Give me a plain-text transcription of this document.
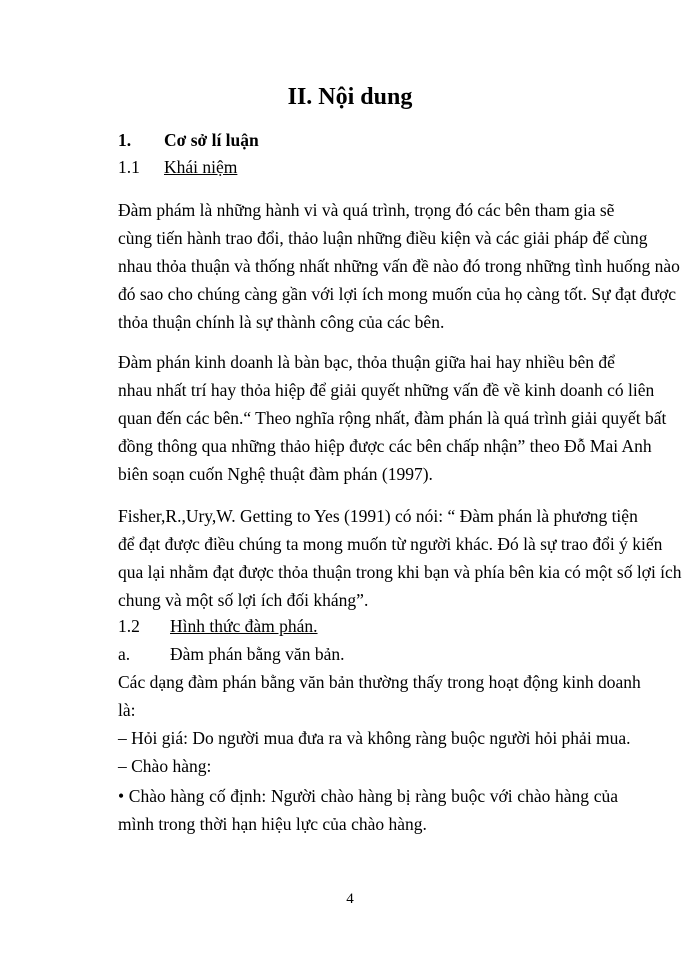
II. Nội dung
1. Cơ sở lí luận
1.1 Khái niệm
Đàm phám là những hành vi và quá trình, trọng đó các bên tham gia sẽ
cùng tiến hành trao đổi, thảo luận những điều kiện và các giải pháp để cùng
nhau thỏa thuận và thống nhất những vấn đề nào đó trong những tình huống nào
đó sao cho chúng càng gần với lợi ích mong muốn của họ càng tốt. Sự đạt được
thỏa thuận chính là sự thành công của các bên.
Đàm phán kinh doanh là bàn bạc, thỏa thuận giữa hai hay nhiều bên để
nhau nhất trí hay thỏa hiệp để giải quyết những vấn đề về kinh doanh có liên
quan đến các bên.“ Theo nghĩa rộng nhất, đàm phán là quá trình giải quyết bất
đồng thông qua những thảo hiệp được các bên chấp nhận” theo Đỗ Mai Anh
biên soạn cuốn Nghệ thuật đàm phán (1997).
Fisher,R.,Ury,W. Getting to Yes (1991) có nói: “ Đàm phán là phương tiện
để đạt được điều chúng ta mong muốn từ người khác. Đó là sự trao đổi ý kiến
qua lại nhằm đạt được thỏa thuận trong khi bạn và phía bên kia có một số lợi ích
chung và một số lợi ích đối kháng”.
1.2 Hình thức đàm phán.
a. Đàm phán bằng văn bản.
Các dạng đàm phán bằng văn bản thường thấy trong hoạt động kinh doanh
là:
– Hỏi giá: Do người mua đưa ra và không ràng buộc người hỏi phải mua.
– Chào hàng:
• Chào hàng cố định: Người chào hàng bị ràng buộc với chào hàng của mình trong thời hạn hiệu lực của chào hàng.
4
